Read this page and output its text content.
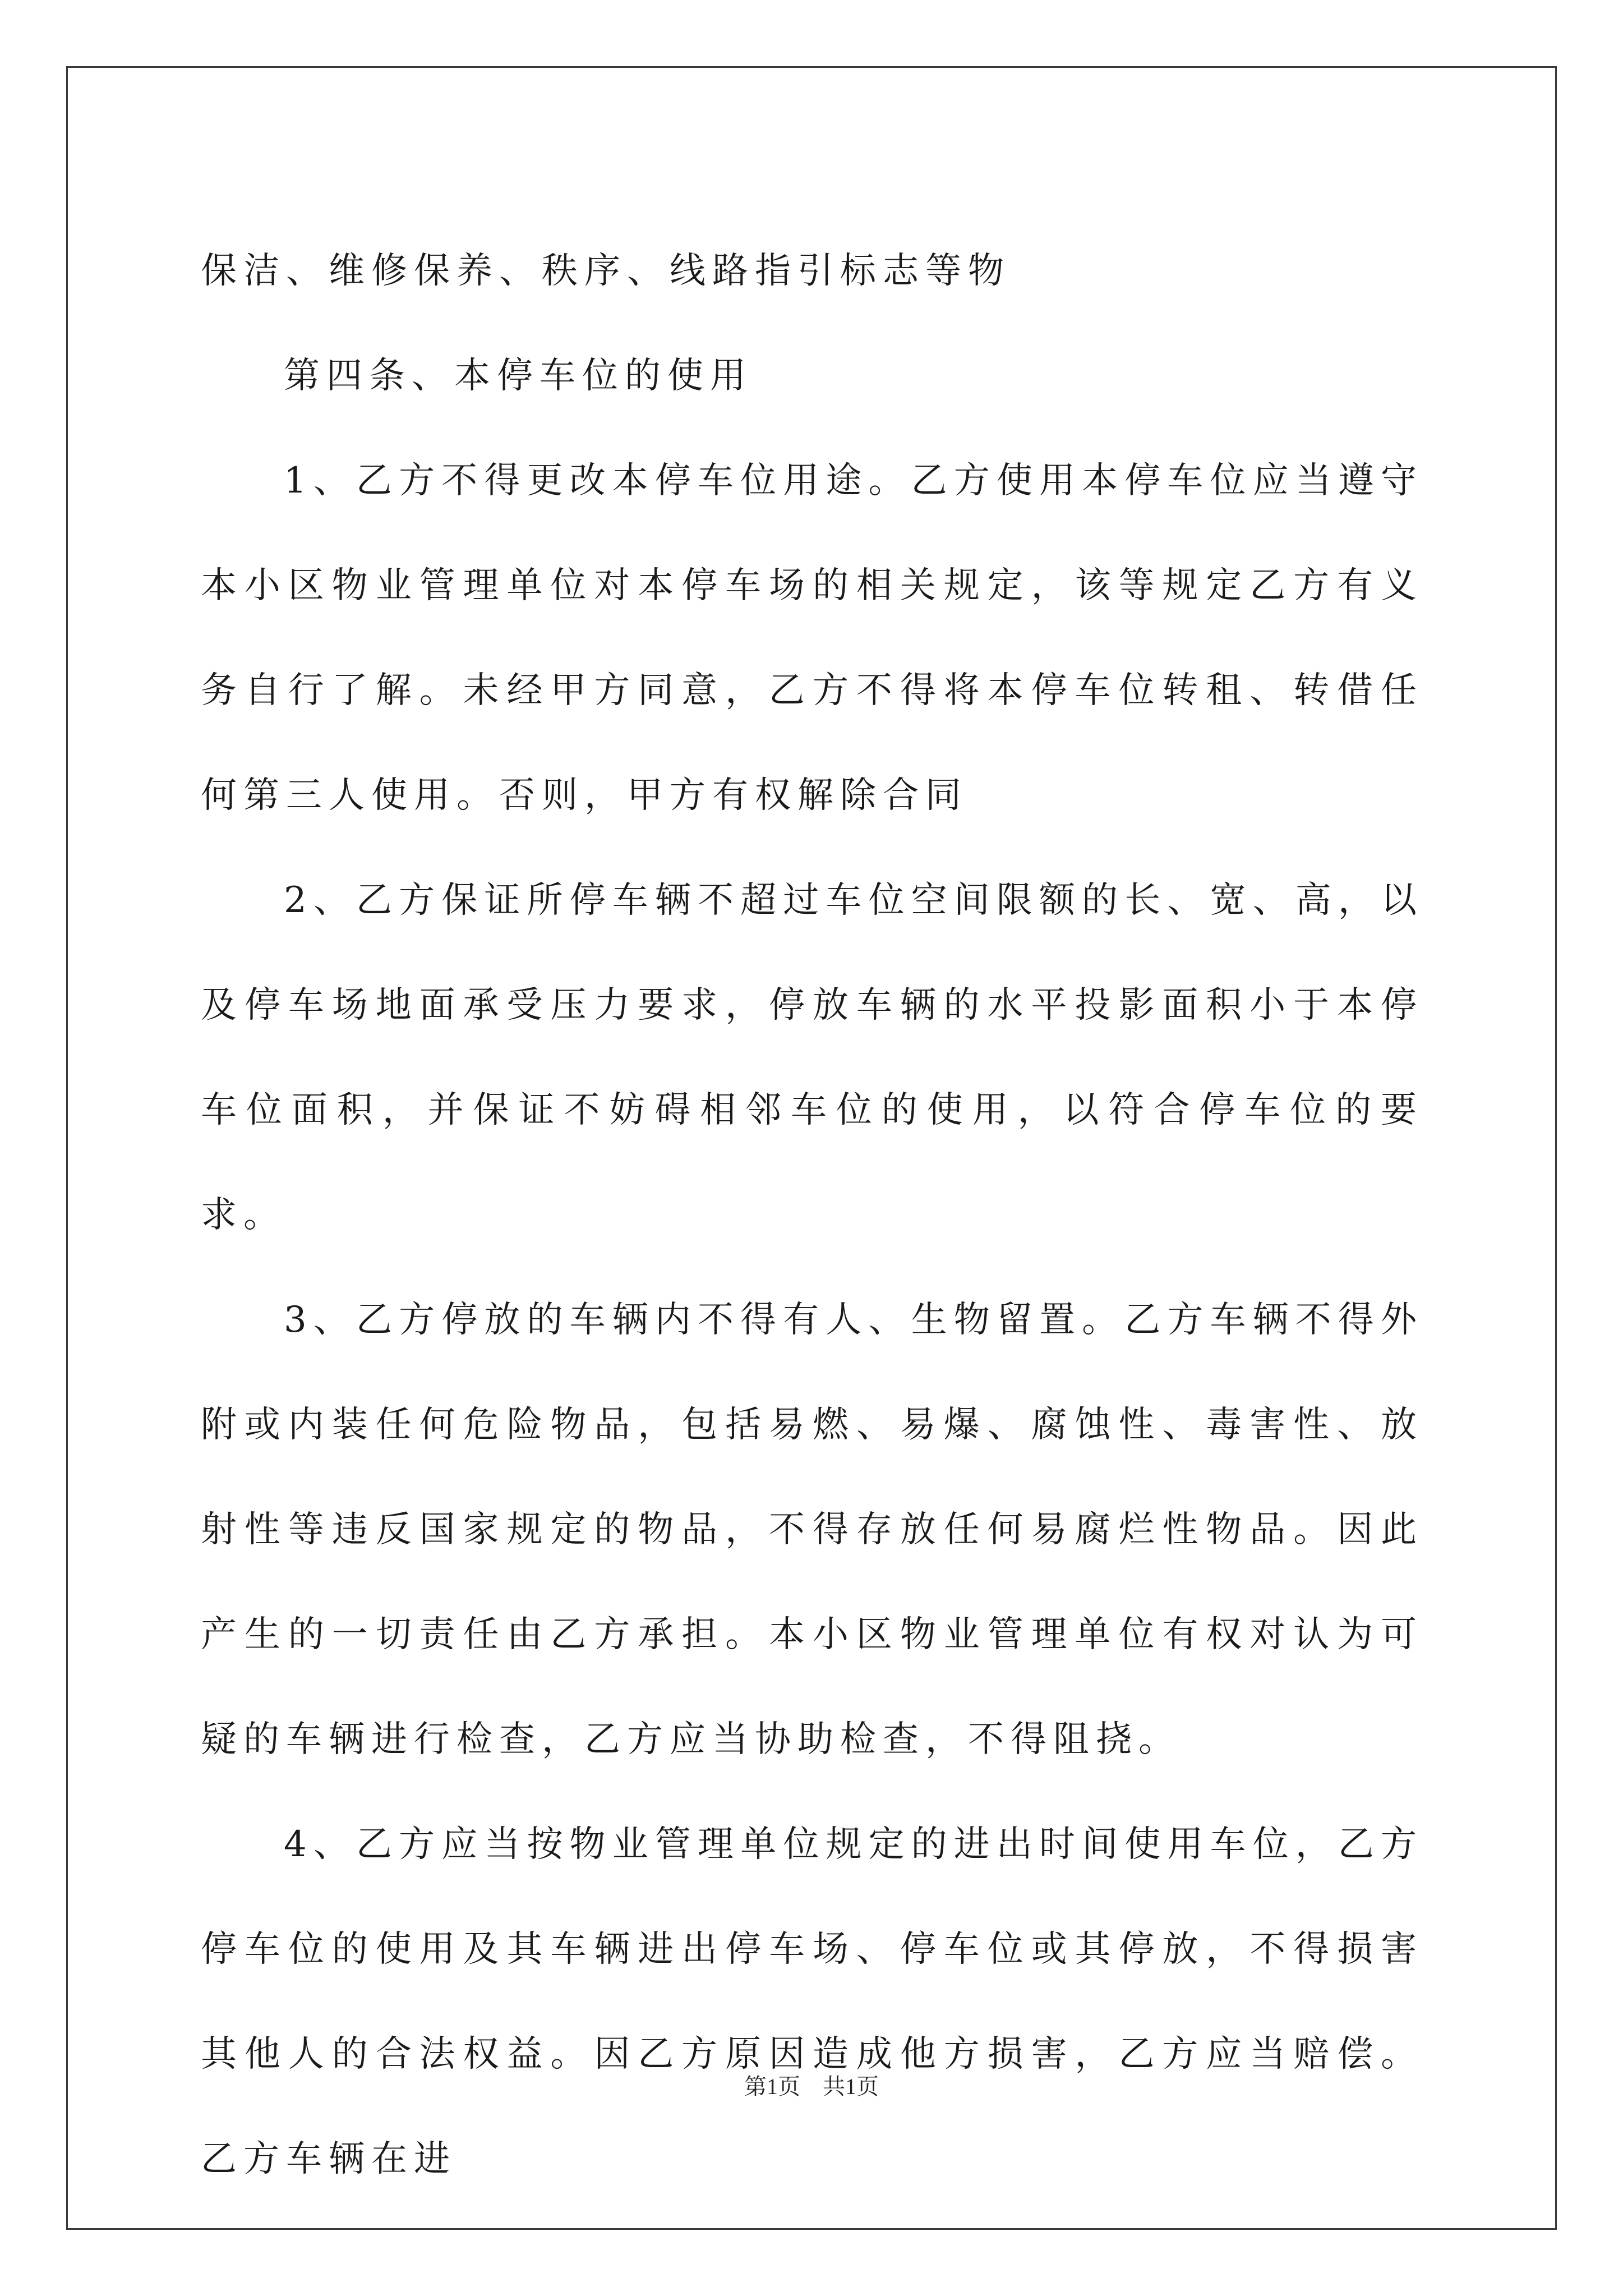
保洁、维修保养、秩序、线路指引标志等物

第四条、本停车位的使用

1、乙方不得更改本停车位用途。乙方使用本停车位应当遵守本小区物业管理单位对本停车场的相关规定，该等规定乙方有义务自行了解。未经甲方同意，乙方不得将本停车位转租、转借任何第三人使用。否则，甲方有权解除合同

2、乙方保证所停车辆不超过车位空间限额的长、宽、高，以及停车场地面承受压力要求，停放车辆的水平投影面积小于本停车位面积，并保证不妨碍相邻车位的使用，以符合停车位的要求。

3、乙方停放的车辆内不得有人、生物留置。乙方车辆不得外附或内装任何危险物品，包括易燃、易爆、腐蚀性、毒害性、放射性等违反国家规定的物品，不得存放任何易腐烂性物品。因此产生的一切责任由乙方承担。本小区物业管理单位有权对认为可疑的车辆进行检查，乙方应当协助检查，不得阻挠。

4、乙方应当按物业管理单位规定的进出时间使用车位，乙方停车位的使用及其车辆进出停车场、停车位或其停放，不得损害其他人的合法权益。因乙方原因造成他方损害，乙方应当赔偿。乙方车辆在进

第1页　共1页
